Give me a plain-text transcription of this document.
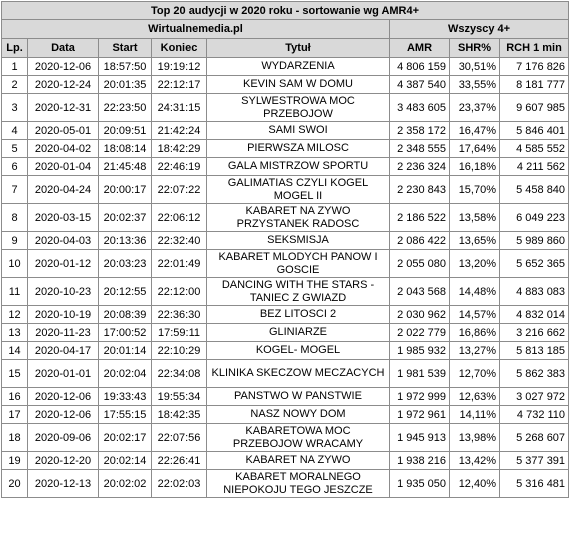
Top 20 audycji w 2020 roku - sortowanie wg AMR4+							
Wirtualnemedia.pl					Wszyscy 4+		
Lp.	Data	Start	Koniec	Tytuł	AMR	SHR%	RCH 1 min
1	2020-12-06	18:57:50	19:19:12	WYDARZENIA	4 806 159	30,51%	7 176 826
2	2020-12-24	20:01:35	22:12:17	KEVIN SAM W DOMU	4 387 540	33,55%	8 181 777
3	2020-12-31	22:23:50	24:31:15	SYLWESTROWA MOC PRZEBOJOW	3 483 605	23,37%	9 607 985
4	2020-05-01	20:09:51	21:42:24	SAMI SWOI	2 358 172	16,47%	5 846 401
5	2020-04-02	18:08:14	18:42:29	PIERWSZA MILOSC	2 348 555	17,64%	4 585 552
6	2020-01-04	21:45:48	22:46:19	GALA MISTRZOW SPORTU	2 236 324	16,18%	4 211 562
7	2020-04-24	20:00:17	22:07:22	GALIMATIAS CZYLI KOGEL MOGEL II	2 230 843	15,70%	5 458 840
8	2020-03-15	20:02:37	22:06:12	KABARET NA ZYWO PRZYSTANEK RADOSC	2 186 522	13,58%	6 049 223
9	2020-04-03	20:13:36	22:32:40	SEKSMISJA	2 086 422	13,65%	5 989 860
10	2020-01-12	20:03:23	22:01:49	KABARET MLODYCH PANOW I GOSCIE	2 055 080	13,20%	5 652 365
11	2020-10-23	20:12:55	22:12:00	DANCING WITH THE STARS - TANIEC Z GWIAZD	2 043 568	14,48%	4 883 083
12	2020-10-19	20:08:39	22:36:30	BEZ LITOSCI 2	2 030 962	14,57%	4 832 014
13	2020-11-23	17:00:52	17:59:11	GLINIARZE	2 022 779	16,86%	3 216 662
14	2020-04-17	20:01:14	22:10:29	KOGEL- MOGEL	1 985 932	13,27%	5 813 185
15	2020-01-01	20:02:04	22:34:08	KLINIKA SKECZOW MECZACYCH	1 981 539	12,70%	5 862 383
16	2020-12-06	19:33:43	19:55:34	PANSTWO W PANSTWIE	1 972 999	12,63%	3 027 972
17	2020-12-06	17:55:15	18:42:35	NASZ NOWY DOM	1 972 961	14,11%	4 732 110
18	2020-09-06	20:02:17	22:07:56	KABARETOWA MOC PRZEBOJOW WRACAMY	1 945 913	13,98%	5 268 607
19	2020-12-20	20:02:14	22:26:41	KABARET NA ZYWO	1 938 216	13,42%	5 377 391
20	2020-12-13	20:02:02	22:02:03	KABARET MORALNEGO NIEPOKOJU TEGO JESZCZE	1 935 050	12,40%	5 316 481
